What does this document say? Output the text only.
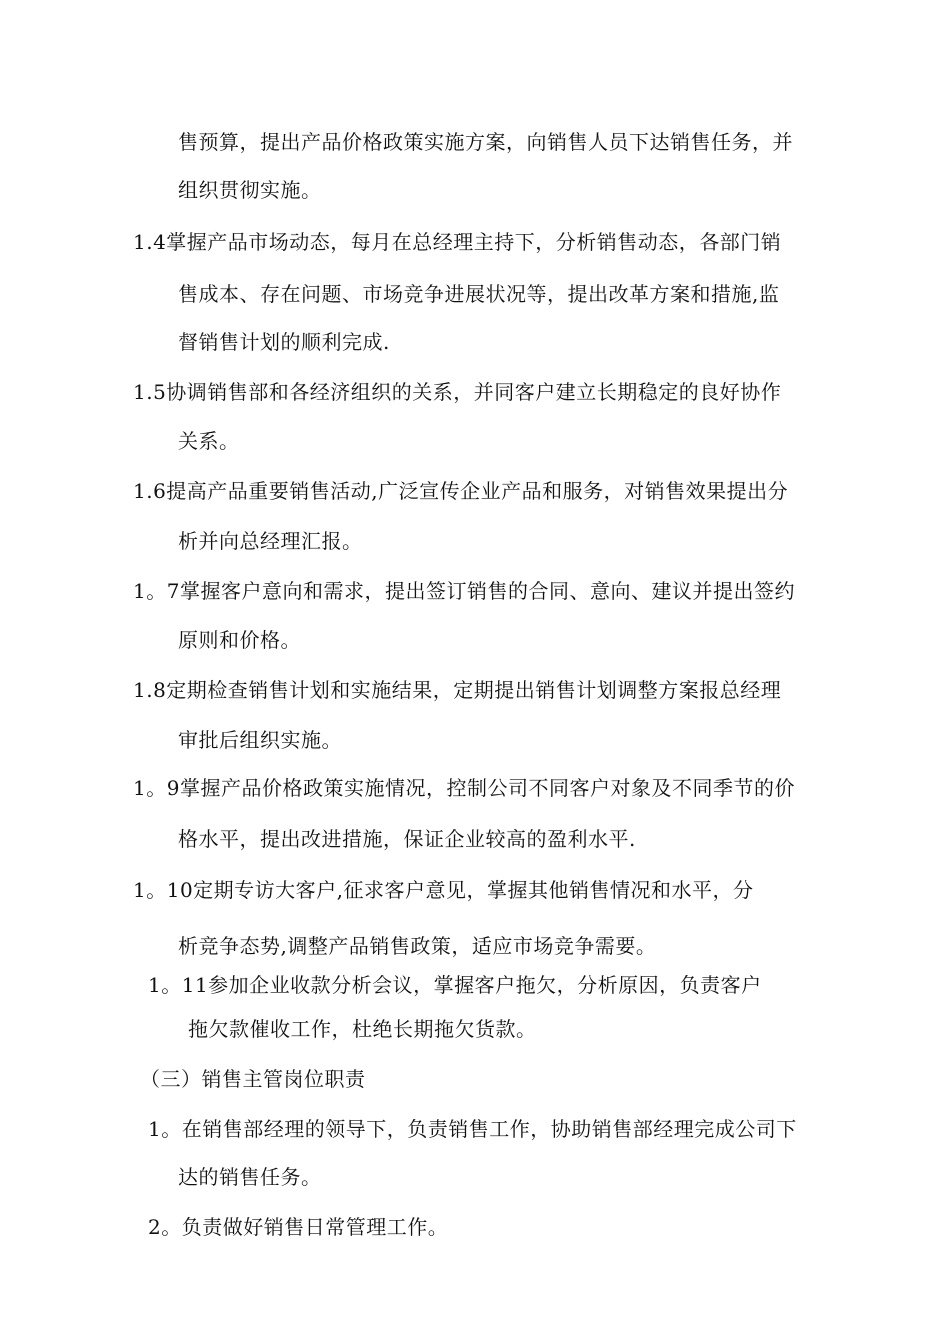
售预算，提出产品价格政策实施方案，向销售人员下达销售任务，并
组织贯彻实施。
1.4掌握产品市场动态，每月在总经理主持下，分析销售动态，各部门销
售成本、存在问题、市场竞争进展状况等，提出改革方案和措施,监
督销售计划的顺利完成.
1.5协调销售部和各经济组织的关系，并同客户建立长期稳定的良好协作
关系。
1.6提高产品重要销售活动,广泛宣传企业产品和服务，对销售效果提出分
析并向总经理汇报。
1。7掌握客户意向和需求，提出签订销售的合同、意向、建议并提出签约
原则和价格。
1.8定期检查销售计划和实施结果，定期提出销售计划调整方案报总经理
审批后组织实施。
1。9掌握产品价格政策实施情况，控制公司不同客户对象及不同季节的价
格水平，提出改进措施，保证企业较高的盈利水平.
1。10定期专访大客户,征求客户意见，掌握其他销售情况和水平，分
析竞争态势,调整产品销售政策，适应市场竞争需要。
1。11参加企业收款分析会议，掌握客户拖欠，分析原因，负责客户
拖欠款催收工作，杜绝长期拖欠货款。
（三）销售主管岗位职责
1。在销售部经理的领导下，负责销售工作，协助销售部经理完成公司下
达的销售任务。
2。负责做好销售日常管理工作。
